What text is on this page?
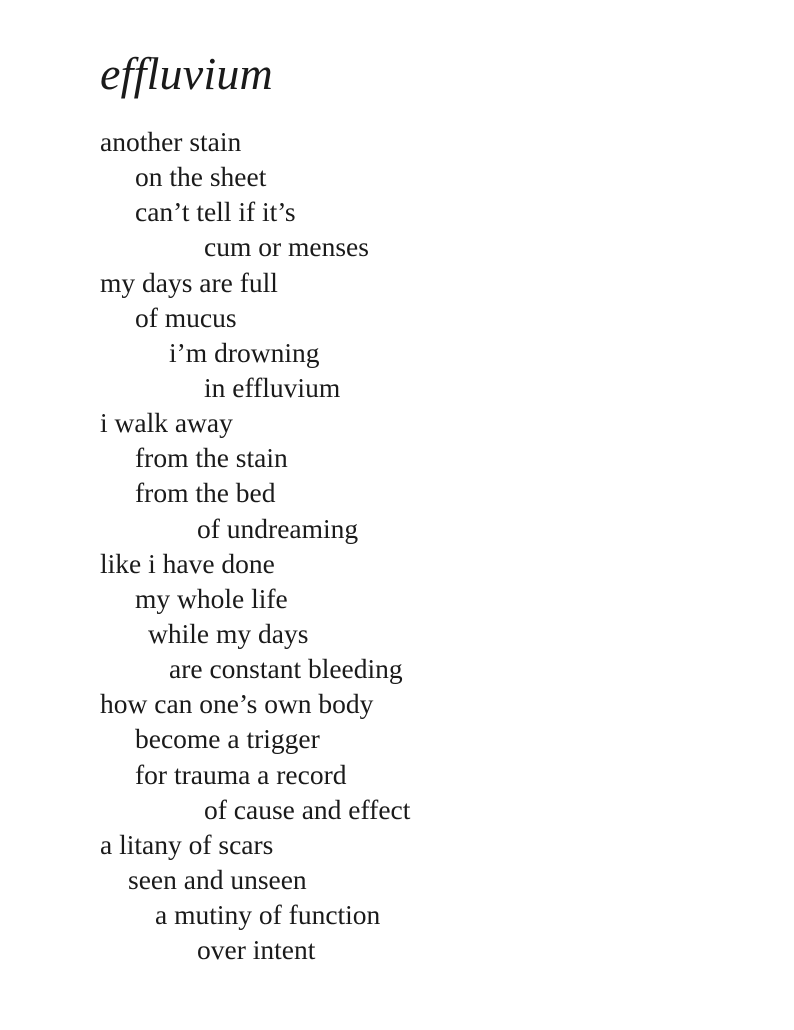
effluvium
another stain
on the sheet
can’t tell if it’s
cum or menses
my days are full
of mucus
i’m drowning
in effluvium
i walk away
from the stain
from the bed
of undreaming
like i have done
my whole life
while my days
are constant bleeding
how can one’s own body
become a trigger
for trauma a record
of cause and effect
a litany of scars
seen and unseen
a mutiny of function
over intent
